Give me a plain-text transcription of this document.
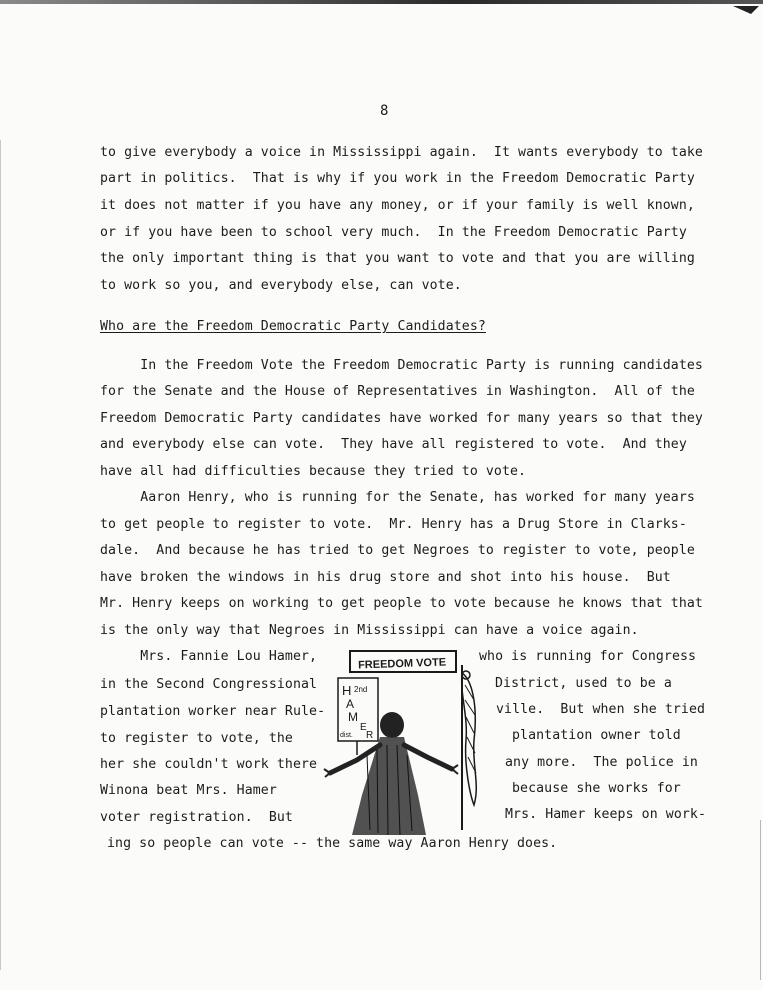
8
to give everybody a voice in Mississippi again.  It wants everybody to take
part in politics.  That is why if you work in the Freedom Democratic Party
it does not matter if you have any money, or if your family is well known,
or if you have been to school very much.  In the Freedom Democratic Party
the only important thing is that you want to vote and that you are willing
to work so you, and everybody else, can vote.
Who are the Freedom Democratic Party Candidates?
In the Freedom Vote the Freedom Democratic Party is running candidates
for the Senate and the House of Representatives in Washington.  All of the
Freedom Democratic Party candidates have worked for many years so that they
and everybody else can vote.  They have all registered to vote.  And they
have all had difficulties because they tried to vote.
Aaron Henry, who is running for the Senate, has worked for many years
to get people to register to vote.  Mr. Henry has a Drug Store in Clarks-
dale.  And because he has tried to get Negroes to register to vote, people
have broken the windows in his drug store and shot into his house.  But
Mr. Henry keeps on working to get people to vote because he knows that that
is the only way that Negroes in Mississippi can have a voice again.
Mrs. Fannie Lou Hamer,
in the Second Congressional
plantation worker near Rule-
to register to vote, the
her she couldn't work there
Winona beat Mrs. Hamer
voter registration.  But
who is running for Congress
District, used to be a
ville.  But when she tried
plantation owner told
any more.  The police in
because she works for
Mrs. Hamer keeps on work-
ing so people can vote -- the same way Aaron Henry does.
FREEDOM VOTE
H 2nd
A
M
E
dist. R
